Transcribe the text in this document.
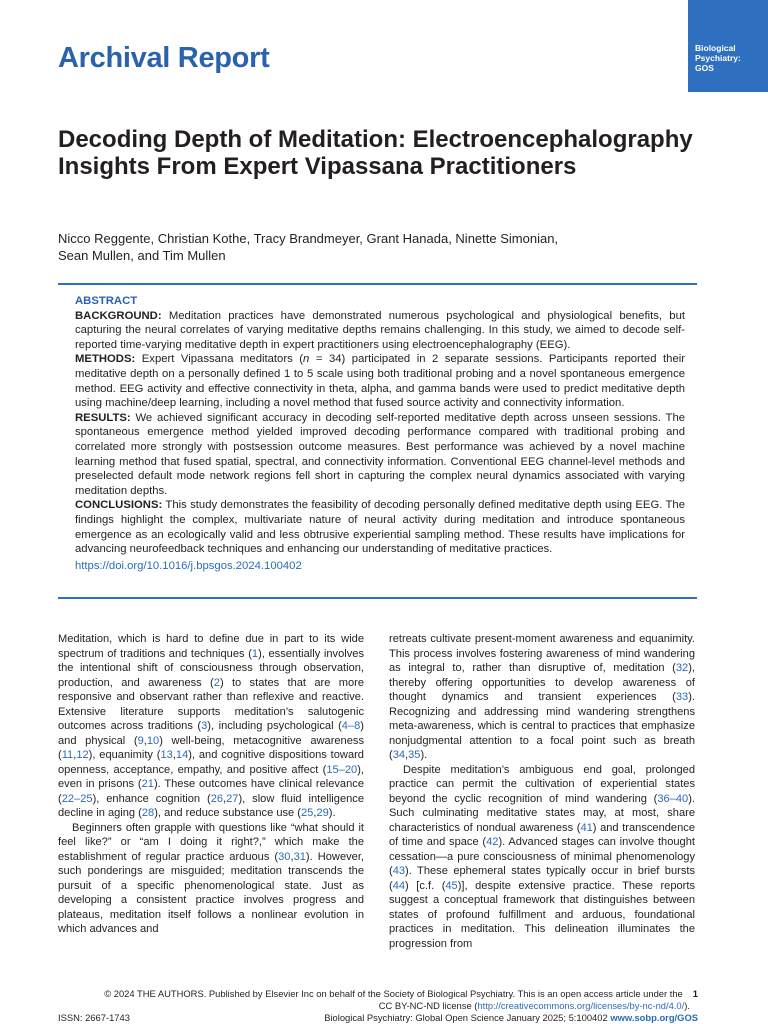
Archival Report	Biological
Psychiatry:
GOS
Decoding Depth of Meditation: Electroencephalography Insights From Expert Vipassana Practitioners
Nicco Reggente, Christian Kothe, Tracy Brandmeyer, Grant Hanada, Ninette Simonian,
Sean Mullen, and Tim Mullen

ABSTRACT

BACKGROUND: Meditation practices have demonstrated numerous psychological and physiological benefits, but capturing the neural correlates of varying meditative depths remains challenging. In this study, we aimed to decode self-reported time-varying meditative depth in expert practitioners using electroencephalography (EEG).

METHODS: Expert Vipassana meditators (n = 34) participated in 2 separate sessions. Participants reported their meditative depth on a personally defined 1 to 5 scale using both traditional probing and a novel spontaneous emergence method. EEG activity and effective connectivity in theta, alpha, and gamma bands were used to predict meditative depth using machine/deep learning, including a novel method that fused source activity and connectivity information.

RESULTS: We achieved significant accuracy in decoding self-reported meditative depth across unseen sessions. The spontaneous emergence method yielded improved decoding performance compared with traditional probing and correlated more strongly with postsession outcome measures. Best performance was achieved by a novel machine learning method that fused spatial, spectral, and connectivity information. Conventional EEG channel-level methods and preselected default mode network regions fell short in capturing the complex neural dynamics associated with varying meditation depths.

CONCLUSIONS: This study demonstrates the feasibility of decoding personally defined meditative depth using EEG. The findings highlight the complex, multivariate nature of neural activity during meditation and introduce spontaneous emergence as an ecologically valid and less obtrusive experiential sampling method. These results have implications for advancing neurofeedback techniques and enhancing our understanding of meditative practices.

https://doi.org/10.1016/j.bpsgos.2024.100402

Meditation, which is hard to define due in part to its wide spectrum of traditions and techniques (1), essentially involves the intentional shift of consciousness through observation, production, and awareness (2) to states that are more responsive and observant rather than reflexive and reactive. Extensive literature supports meditation’s salutogenic outcomes across traditions (3), including psychological (4–8) and physical (9,10) well-being, metacognitive awareness (11,12), equanimity (13,14), and cognitive dispositions toward openness, acceptance, empathy, and positive affect (15–20), even in prisons (21). These outcomes have clinical relevance (22–25), enhance cognition (26,27), slow fluid intelligence decline in aging (28), and reduce substance use (25,29).

Beginners often grapple with questions like “what should it feel like?” or “am I doing it right?,” which make the establishment of regular practice arduous (30,31). However, such ponderings are misguided; meditation transcends the pursuit of a specific phenomenological state. Just as developing a consistent practice involves progress and plateaus, meditation itself follows a nonlinear evolution in which advances and

retreats cultivate present-moment awareness and equanimity. This process involves fostering awareness of mind wandering as integral to, rather than disruptive of, meditation (32), thereby offering opportunities to develop awareness of thought dynamics and transient experiences (33). Recognizing and addressing mind wandering strengthens meta-awareness, which is central to practices that emphasize nonjudgmental attention to a focal point such as breath (34,35).

Despite meditation’s ambiguous end goal, prolonged practice can permit the cultivation of experiential states beyond the cyclic recognition of mind wandering (36–40). Such culminating meditative states may, at most, share characteristics of nondual awareness (41) and transcendence of time and space (42). Advanced stages can involve thought cessation—a pure consciousness of minimal phenomenology (43). These ephemeral states typically occur in brief bursts (44) [c.f. (45)], despite extensive practice. These reports suggest a conceptual framework that distinguishes between states of profound fulfillment and arduous, foundational practices in meditation. This delineation illuminates the progression from

© 2024 THE AUTHORS. Published by Elsevier Inc on behalf of the Society of Biological Psychiatry. This is an open access article under the 1
CC BY-NC-ND license (http://creativecommons.org/licenses/by-nc-nd/4.0/).
ISSN: 2667-1743	Biological Psychiatry: Global Open Science January 2025; 5:100402 www.sobp.org/GOS
